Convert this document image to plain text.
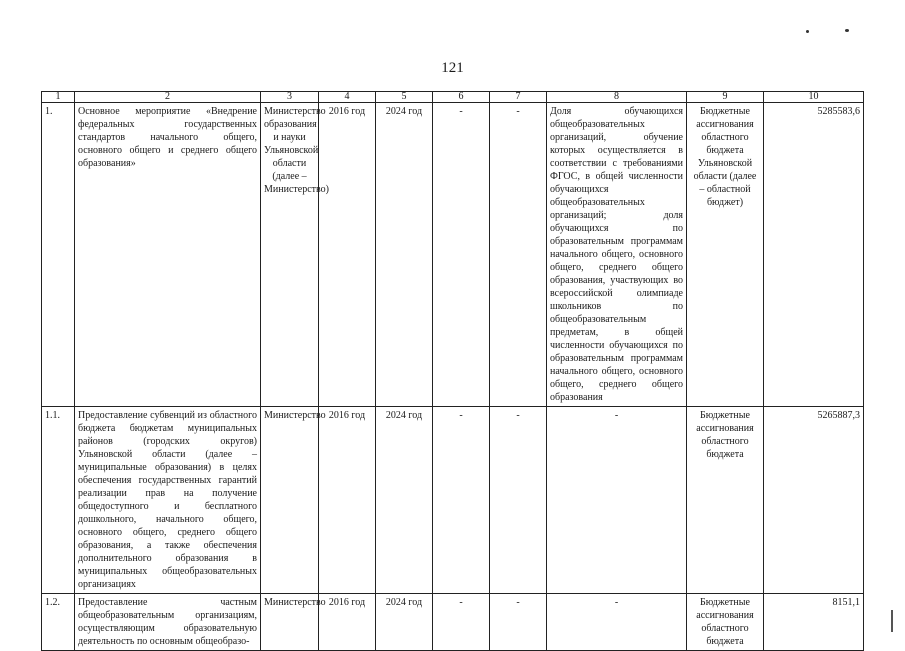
121
1	2	3	4	5	6	7	8	9	10
1.	Основное мероприятие «Внедрение федеральных государственных стандартов начального общего, основного общего и среднего общего образования»	Министерство образования и науки Ульяновской области (далее – Министерство)	2016 год	2024 год	-	-	Доля обучающихся общеобразовательных организаций, обучение которых осуществляется в соответствии с требованиями ФГОС, в общей численности обучающихся общеобразовательных организаций; доля обучающихся по образовательным программам начального общего, основного общего, среднего общего образования, участвующих во всероссийской олимпиаде школьников по общеобразовательным предметам, в общей численности обучающихся по образовательным программам начального общего, основного общего, среднего общего образования	Бюджетные ассигнования областного бюджета Ульяновской области (далее – областной бюджет)	5285583,6
1.1.	Предоставление субвенций из областного бюджета бюджетам муниципальных районов (городских округов) Ульяновской области (далее – муниципальные образования) в целях обеспечения государственных гарантий реализации прав на получение общедоступного и бесплатного дошкольного, начального общего, основного общего, среднего общего образования, а также обеспечения дополнительного образования в муниципальных общеобразовательных организациях	Министерство	2016 год	2024 год	-	-	-	Бюджетные ассигнования областного бюджета	5265887,3
1.2.	Предоставление частным общеобразовательным организациям, осуществляющим образовательную деятельность по основным общеобразо-	Министерство	2016 год	2024 год	-	-	-	Бюджетные ассигнования областного бюджета	8151,1
